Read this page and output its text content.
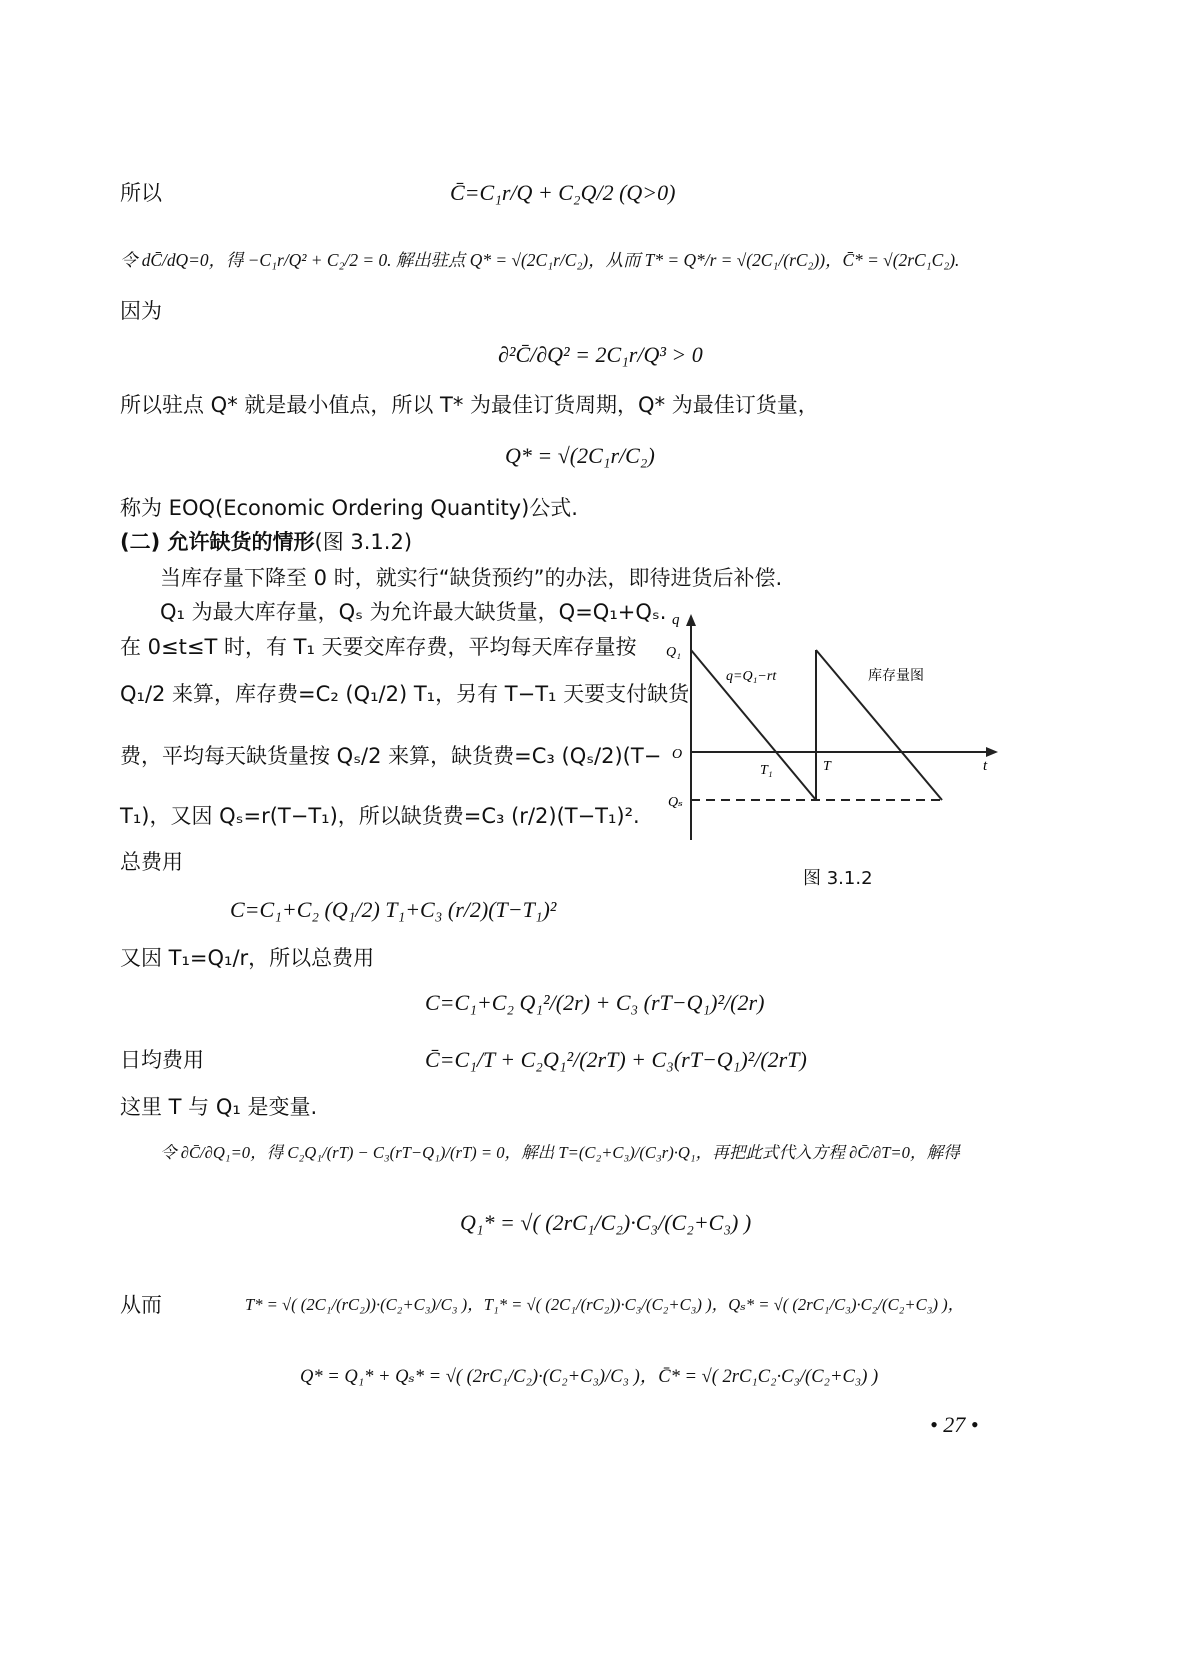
所以	C̄=C₁r/Q + C₂Q/2 (Q>0)
令 dC̄/dQ=0，得 −C₁r/Q² + C₂/2 = 0. 解出驻点 Q* = √(2C₁r/C₂)，从而 T* = Q*/r = √(2C₁/(rC₂))，C̄* = √(2rC₁C₂).
因为
∂²C̄/∂Q² = 2C₁r/Q³ > 0
所以驻点 Q* 就是最小值点，所以 T* 为最佳订货周期，Q* 为最佳订货量，
Q* = √(2C₁r/C₂)
称为 EOQ(Economic Ordering Quantity)公式.
(二) 允许缺货的情形(图 3.1.2)
当库存量下降至 0 时，就实行“缺货预约”的办法，即待进货后补偿.
Q₁ 为最大库存量，Qₛ 为允许最大缺货量，Q=Q₁+Qₛ.
在 0≤t≤T 时，有 T₁ 天要交库存费，平均每天库存量按
Q₁/2 来算，库存费=C₂ (Q₁/2) T₁，另有 T−T₁ 天要支付缺货
费，平均每天缺货量按 Qₛ/2 来算，缺货费=C₃ (Qₛ/2)(T−
T₁)，又因 Qₛ=r(T−T₁)，所以缺货费=C₃ (r/2)(T−T₁)².
总费用
q
Q₁
q=Q₁−rt	库存量图
O
T₁	T	t
Qₛ
图 3.1.2
C=C₁+C₂ (Q₁/2) T₁+C₃ (r/2)(T−T₁)²
又因 T₁=Q₁/r，所以总费用
C=C₁+C₂ Q₁²/(2r) + C₃ (rT−Q₁)²/(2r)
日均费用	C̄=C₁/T + C₂Q₁²/(2rT) + C₃(rT−Q₁)²/(2rT)
这里 T 与 Q₁ 是变量.
令 ∂C̄/∂Q₁=0，得 C₂Q₁/(rT) − C₃(rT−Q₁)/(rT) = 0，解出 T=(C₂+C₃)/(C₃r)·Q₁，再把此式代入方程 ∂C̄/∂T=0，解得
Q₁* = √( (2rC₁/C₂)·C₃/(C₂+C₃) )
从而	T* = √( (2C₁/(rC₂))·(C₂+C₃)/C₃ )，T₁* = √( (2C₁/(rC₂))·C₃/(C₂+C₃) )，Qₛ* = √( (2rC₁/C₃)·C₂/(C₂+C₃) )，
Q* = Q₁* + Qₛ* = √( (2rC₁/C₂)·(C₂+C₃)/C₃ )，C̄* = √( 2rC₁C₂·C₃/(C₂+C₃) )
• 27 •
